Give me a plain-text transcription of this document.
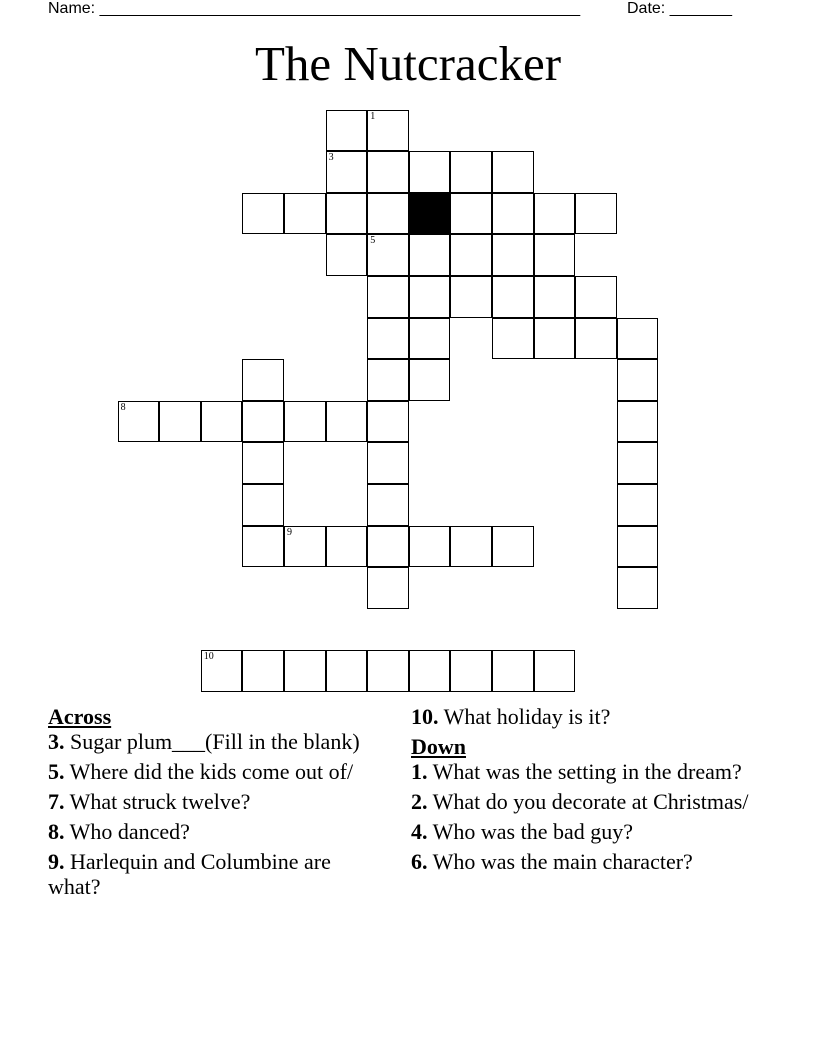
Name: ______________________________________________________	Date: _______
The Nutcracker
1
3
5
8
9
10
Across
3. Sugar plum___(Fill in the blank)
5. Where did the kids come out of/
7. What struck twelve?
8. Who danced?
9. Harlequin and Columbine are what?
10. What holiday is it?
Down
1. What was the setting in the dream?
2. What do you decorate at Christmas/
4. Who was the bad guy?
6. Who was the main character?
